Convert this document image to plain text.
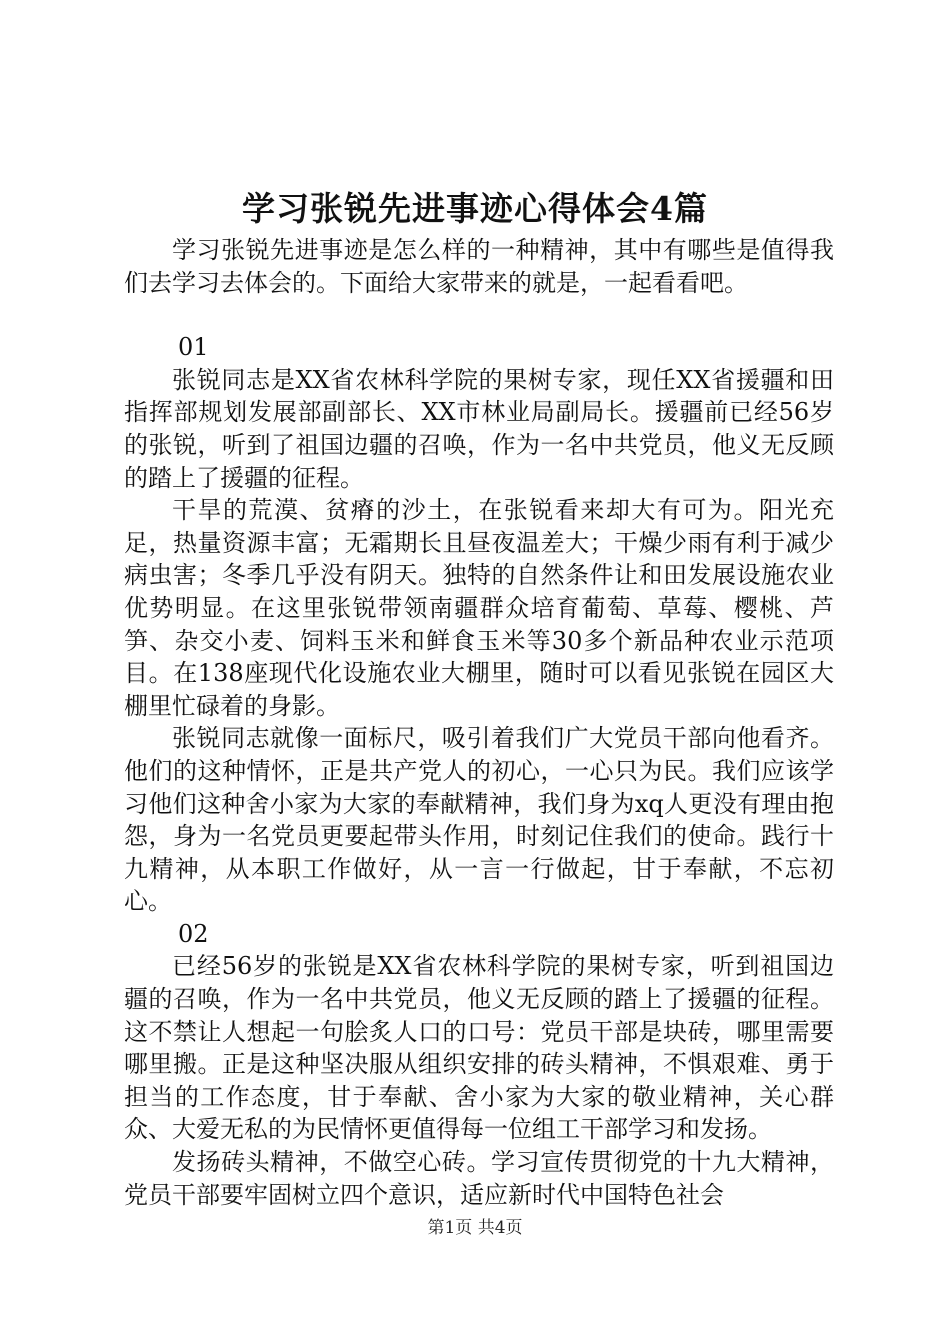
学习张锐先进事迹心得体会4篇

学习张锐先进事迹是怎么样的一种精神，其中有哪些是值得我们去学习去体会的。下面给大家带来的就是，一起看看吧。

01

张锐同志是XX省农林科学院的果树专家，现任XX省援疆和田指挥部规划发展部副部长、XX市林业局副局长。援疆前已经56岁的张锐，听到了祖国边疆的召唤，作为一名中共党员，他义无反顾的踏上了援疆的征程。

干旱的荒漠、贫瘠的沙土，在张锐看来却大有可为。阳光充足，热量资源丰富；无霜期长且昼夜温差大；干燥少雨有利于减少病虫害；冬季几乎没有阴天。独特的自然条件让和田发展设施农业优势明显。在这里张锐带领南疆群众培育葡萄、草莓、樱桃、芦笋、杂交小麦、饲料玉米和鲜食玉米等30多个新品种农业示范项目。在138座现代化设施农业大棚里，随时可以看见张锐在园区大棚里忙碌着的身影。

张锐同志就像一面标尺，吸引着我们广大党员干部向他看齐。他们的这种情怀，正是共产党人的初心，一心只为民。我们应该学习他们这种舍小家为大家的奉献精神，我们身为xq人更没有理由抱怨，身为一名党员更要起带头作用，时刻记住我们的使命。践行十九精神，从本职工作做好，从一言一行做起，甘于奉献，不忘初心。

02

已经56岁的张锐是XX省农林科学院的果树专家，听到祖国边疆的召唤，作为一名中共党员，他义无反顾的踏上了援疆的征程。这不禁让人想起一句脍炙人口的口号：党员干部是块砖，哪里需要哪里搬。正是这种坚决服从组织安排的砖头精神，不惧艰难、勇于担当的工作态度，甘于奉献、舍小家为大家的敬业精神，关心群众、大爱无私的为民情怀更值得每一位组工干部学习和发扬。

发扬砖头精神，不做空心砖。学习宣传贯彻党的十九大精神，党员干部要牢固树立四个意识，适应新时代中国特色社会

第1页 共4页
